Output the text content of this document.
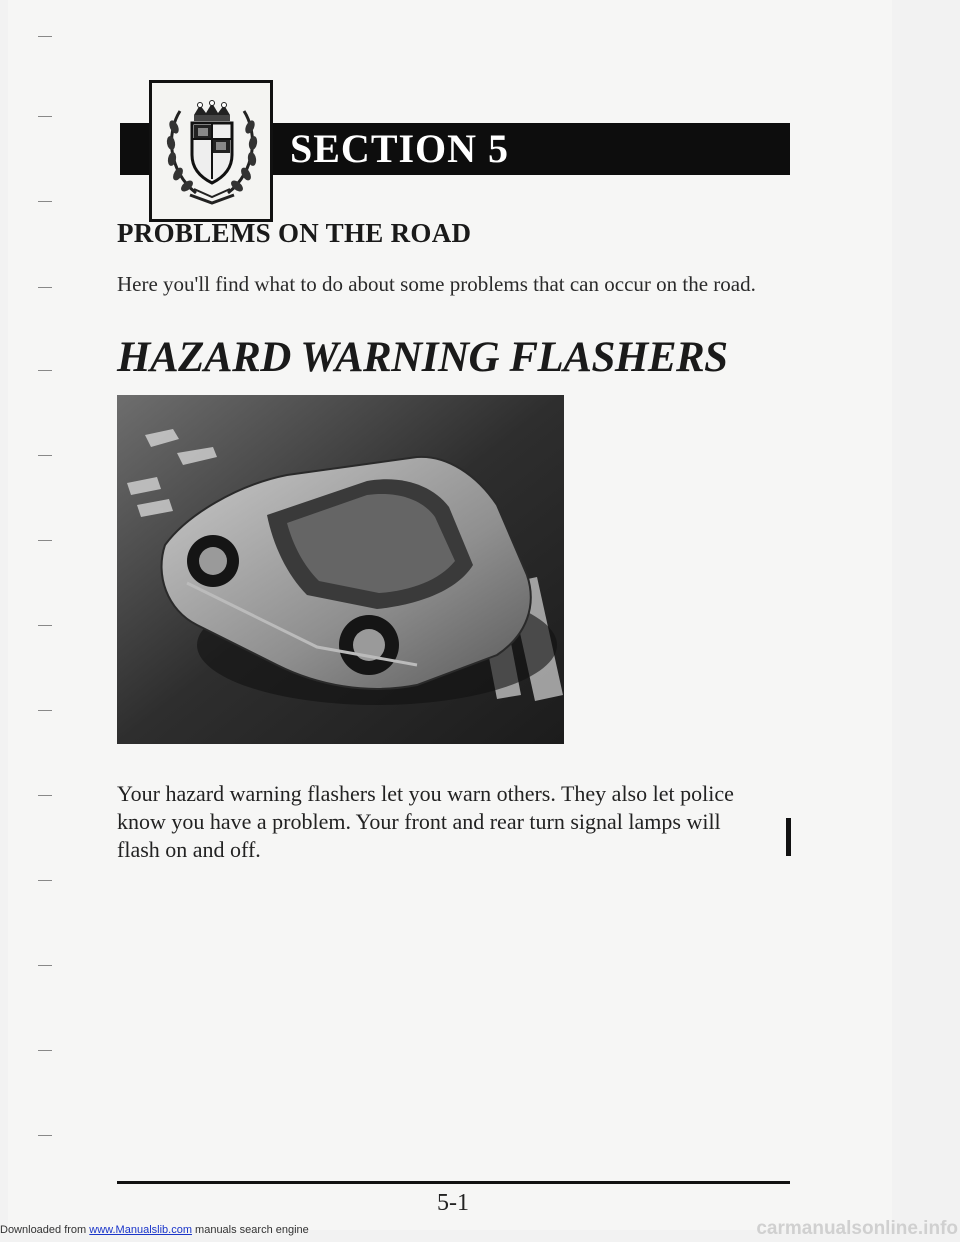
SECTION 5
PROBLEMS ON THE ROAD
Here you'll find what to do about some problems that can occur on the road.
HAZARD WARNING FLASHERS
Your hazard warning flashers let you warn others. They also let police know you have a problem. Your front and rear turn signal lamps will flash on and off.
5-1
Downloaded from www.Manualslib.com manuals search engine	carmanualsonline.info
